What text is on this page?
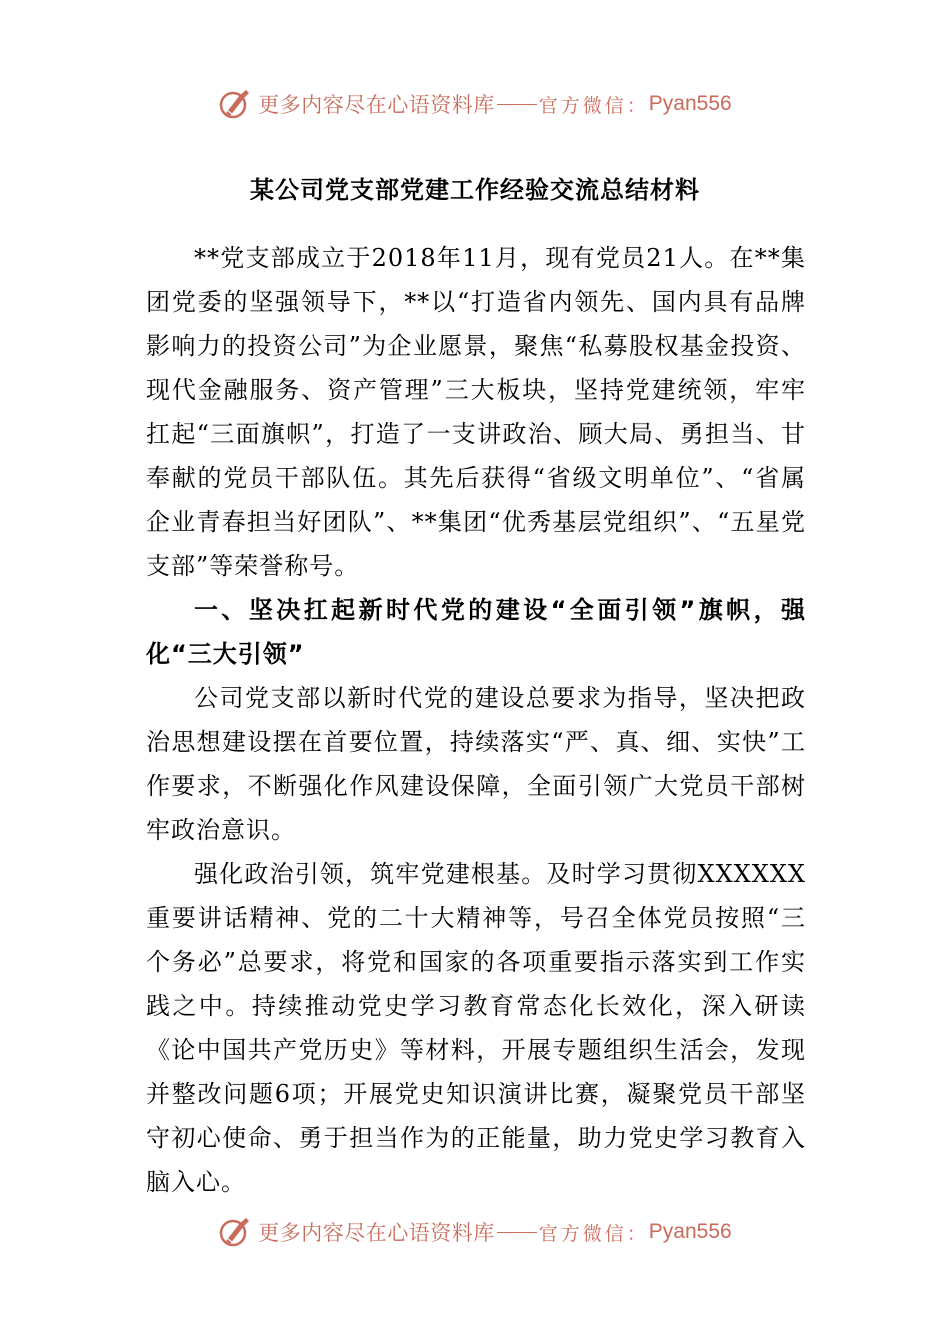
更多内容尽在心语资料库 官方微信： Pyan556
某公司党支部党建工作经验交流总结材料

**党支部成立于2018年11月，现有党员21人。在**集团党委的坚强领导下，**以“打造省内领先、国内具有品牌影响力的投资公司”为企业愿景，聚焦“私募股权基金投资、现代金融服务、资产管理”三大板块，坚持党建统领，牢牢扛起“三面旗帜”，打造了一支讲政治、顾大局、勇担当、甘奉献的党员干部队伍。其先后获得“省级文明单位”、“省属企业青春担当好团队”、**集团“优秀基层党组织”、“五星党支部”等荣誉称号。

一、坚决扛起新时代党的建设“全面引领”旗帜，强化“三大引领”

公司党支部以新时代党的建设总要求为指导，坚决把政治思想建设摆在首要位置，持续落实“严、真、细、实快”工作要求，不断强化作风建设保障，全面引领广大党员干部树牢政治意识。

强化政治引领，筑牢党建根基。及时学习贯彻XXXXXX重要讲话精神、党的二十大精神等，号召全体党员按照“三个务必”总要求，将党和国家的各项重要指示落实到工作实践之中。持续推动党史学习教育常态化长效化，深入研读《论中国共产党历史》等材料，开展专题组织生活会，发现并整改问题6项；开展党史知识演讲比赛，凝聚党员干部坚守初心使命、勇于担当作为的正能量，助力党史学习教育入脑入心。

更多内容尽在心语资料库 官方微信： Pyan556
